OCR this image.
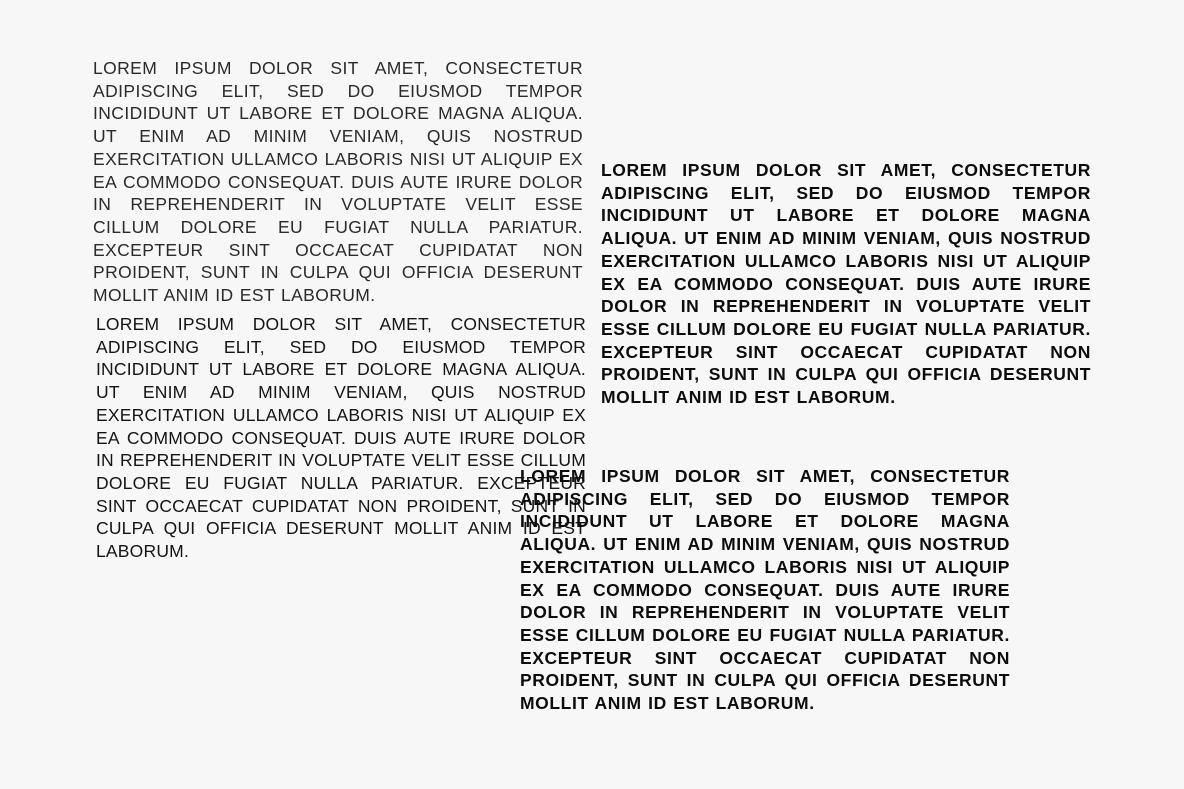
LOREM IPSUM DOLOR SIT AMET, CONSECTETUR ADIPISCING ELIT, SED DO EIUSMOD TEMPOR INCIDIDUNT UT LABORE ET DOLORE MAGNA ALIQUA. UT ENIM AD MINIM VENIAM, QUIS NOSTRUD EXERCITATION ULLAMCO LABORIS NISI UT ALIQUIP EX EA COMMODO CONSEQUAT. DUIS AUTE IRURE DOLOR IN REPREHENDERIT IN VOLUPTATE VELIT ESSE CILLUM DOLORE EU FUGIAT NULLA PARIATUR. EXCEPTEUR SINT OCCAECAT CUPIDATAT NON PROIDENT, SUNT IN CULPA QUI OFFICIA DESERUNT MOLLIT ANIM ID EST LABORUM.

LOREM IPSUM DOLOR SIT AMET, CONSECTETUR ADIPISCING ELIT, SED DO EIUSMOD TEMPOR INCIDIDUNT UT LABORE ET DOLORE MAGNA ALIQUA. UT ENIM AD MINIM VENIAM, QUIS NOSTRUD EXERCITATION ULLAMCO LABORIS NISI UT ALIQUIP EX EA COMMODO CONSEQUAT. DUIS AUTE IRURE DOLOR IN REPREHENDERIT IN VOLUPTATE VELIT ESSE CILLUM DOLORE EU FUGIAT NULLA PARIATUR. EXCEPTEUR SINT OCCAECAT CUPIDATAT NON PROIDENT, SUNT IN CULPA QUI OFFICIA DESERUNT MOLLIT ANIM ID EST LABORUM.

LOREM IPSUM DOLOR SIT AMET, CONSECTETUR ADIPISCING ELIT, SED DO EIUSMOD TEMPOR INCIDIDUNT UT LABORE ET DOLORE MAGNA ALIQUA. UT ENIM AD MINIM VENIAM, QUIS NOSTRUD EXERCITATION ULLAMCO LABORIS NISI UT ALIQUIP EX EA COMMODO CONSEQUAT. DUIS AUTE IRURE DOLOR IN REPREHENDERIT IN VOLUPTATE VELIT ESSE CILLUM DOLORE EU FUGIAT NULLA PARIATUR. EXCEPTEUR SINT OCCAECAT CUPIDATAT NON PROIDENT, SUNT IN CULPA QUI OFFICIA DESERUNT MOLLIT ANIM ID EST LABORUM.

LOREM IPSUM DOLOR SIT AMET, CONSECTETUR ADIPISCING ELIT, SED DO EIUSMOD TEMPOR INCIDIDUNT UT LABORE ET DOLORE MAGNA ALIQUA. UT ENIM AD MINIM VENIAM, QUIS NOSTRUD EXERCITATION ULLAMCO LABORIS NISI UT ALIQUIP EX EA COMMODO CONSEQUAT. DUIS AUTE IRURE DOLOR IN REPREHENDERIT IN VOLUPTATE VELIT ESSE CILLUM DOLORE EU FUGIAT NULLA PARIATUR. EXCEPTEUR SINT OCCAECAT CUPIDATAT NON PROIDENT, SUNT IN CULPA QUI OFFICIA DESERUNT MOLLIT ANIM ID EST LABORUM.
